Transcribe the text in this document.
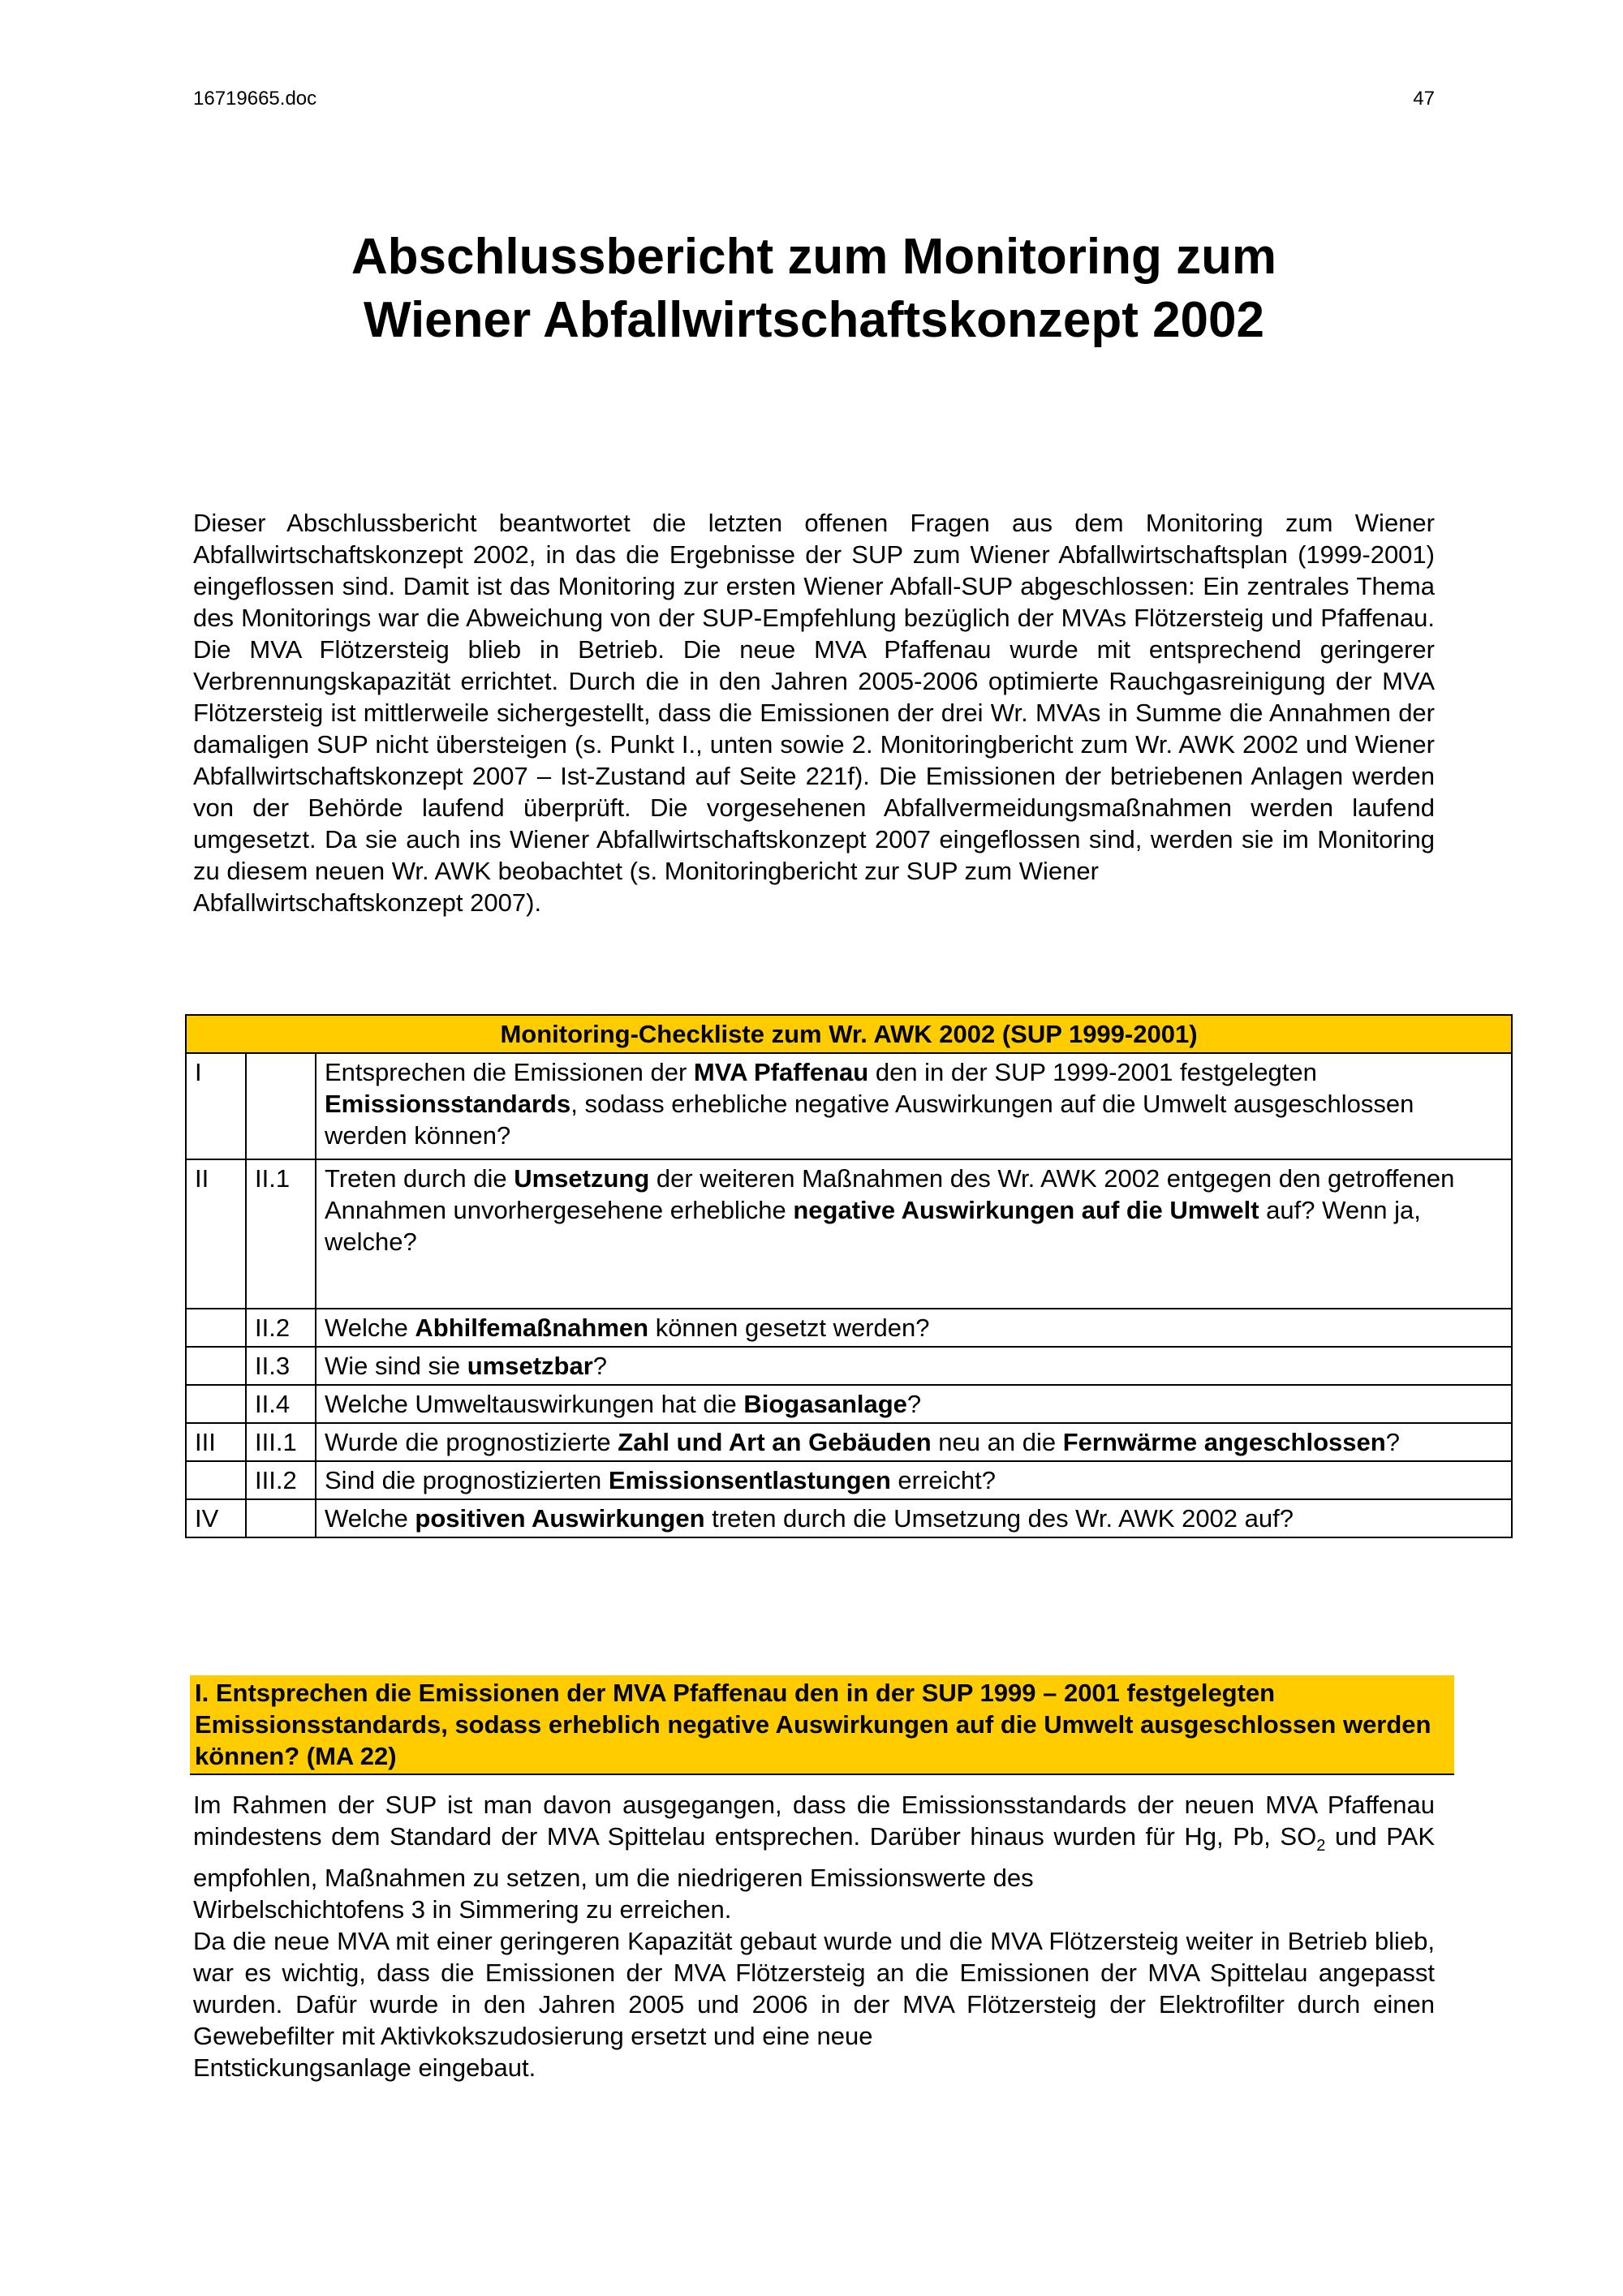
16719665.doc	47
Abschlussbericht zum Monitoring zum
Wiener Abfallwirtschaftskonzept 2002
Dieser Abschlussbericht beantwortet die letzten offenen Fragen aus dem Monitoring zum Wiener Abfallwirtschaftskonzept 2002, in das die Ergebnisse der SUP zum Wiener Abfallwirtschaftsplan (1999-2001) eingeflossen sind. Damit ist das Monitoring zur ersten Wiener Abfall-SUP abgeschlossen: Ein zentrales Thema des Monitorings war die Abweichung von der SUP-Empfehlung bezüglich der MVAs Flötzersteig und Pfaffenau. Die MVA Flötzersteig blieb in Betrieb. Die neue MVA Pfaffenau wurde mit entsprechend geringerer Verbrennungskapazität errichtet. Durch die in den Jahren 2005-2006 optimierte Rauchgasreinigung der MVA Flötzersteig ist mittlerweile sichergestellt, dass die Emissionen der drei Wr. MVAs in Summe die Annahmen der damaligen SUP nicht übersteigen (s. Punkt I., unten sowie 2. Monitoringbericht zum Wr. AWK 2002 und Wiener Abfallwirtschaftskonzept 2007 – Ist-Zustand auf Seite 221f). Die Emissionen der betriebenen Anlagen werden von der Behörde laufend überprüft. Die vorgesehenen Abfallvermeidungsmaßnahmen werden laufend umgesetzt. Da sie auch ins Wiener Abfallwirtschaftskonzept 2007 eingeflossen sind, werden sie im Monitoring zu diesem neuen Wr. AWK beobachtet (s. Monitoringbericht zur SUP zum Wiener
Abfallwirtschaftskonzept 2007).
Monitoring-Checkliste zum Wr. AWK 2002 (SUP 1999-2001)		
I		Entsprechen die Emissionen der MVA Pfaffenau den in der SUP 1999-2001 festgelegten Emissionsstandards, sodass erhebliche negative Auswirkungen auf die Umwelt ausgeschlossen werden können?
II	II.1	Treten durch die Umsetzung der weiteren Maßnahmen des Wr. AWK 2002 entgegen den getroffenen Annahmen unvorhergesehene erhebliche negative Auswirkungen auf die Umwelt auf? Wenn ja, welche?
	II.2	Welche Abhilfemaßnahmen können gesetzt werden?
	II.3	Wie sind sie umsetzbar?
	II.4	Welche Umweltauswirkungen hat die Biogasanlage?
III	III.1	Wurde die prognostizierte Zahl und Art an Gebäuden neu an die Fernwärme angeschlossen?
	III.2	Sind die prognostizierten Emissionsentlastungen erreicht?
IV		Welche positiven Auswirkungen treten durch die Umsetzung des Wr. AWK 2002 auf?
I. Entsprechen die Emissionen der MVA Pfaffenau den in der SUP 1999 – 2001 festgelegten Emissionsstandards, sodass erheblich negative Auswirkungen auf die Umwelt ausgeschlossen werden können? (MA 22)

Im Rahmen der SUP ist man davon ausgegangen, dass die Emissionsstandards der neuen MVA Pfaffenau mindestens dem Standard der MVA Spittelau entsprechen. Darüber hinaus wurden für Hg, Pb, $SO_2$ und PAK empfohlen, Maßnahmen zu setzen, um die niedrigeren Emissionswerte des

Wirbelschichtofens 3 in Simmering zu erreichen.

Da die neue MVA mit einer geringeren Kapazität gebaut wurde und die MVA Flötzersteig weiter in Betrieb blieb, war es wichtig, dass die Emissionen der MVA Flötzersteig an die Emissionen der MVA Spittelau angepasst wurden. Dafür wurde in den Jahren 2005 und 2006 in der MVA Flötzersteig der Elektrofilter durch einen Gewebefilter mit Aktivkokszudosierung ersetzt und eine neue

Entstickungsanlage eingebaut.
